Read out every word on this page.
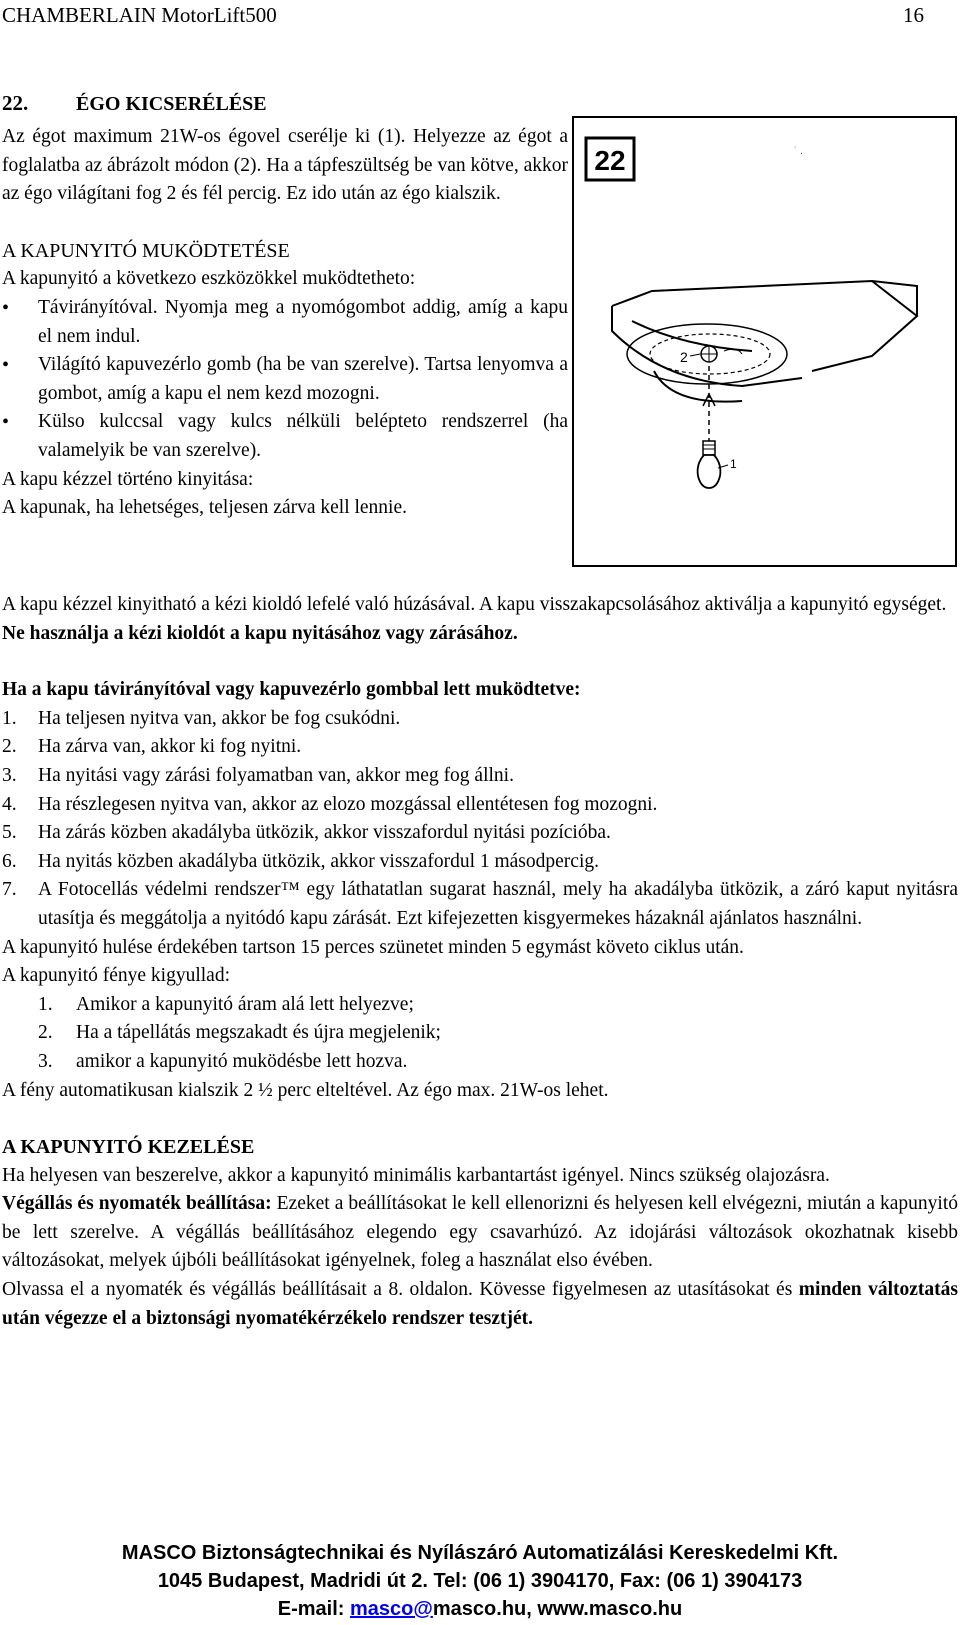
CHAMBERLAIN MotorLift500	16
22. ÉGO KICSERÉLÉSE
Az égot maximum 21W-os égovel cserélje ki (1). Helyezze az égot a foglalatba az ábrázolt módon (2). Ha a tápfeszültség be van kötve, akkor az égo világítani fog 2 és fél percig. Ez ido után az égo kialszik.
A KAPUNYITÓ MUKÖDTETÉSE
A kapunyitó a következo eszközökkel muködtetheto:
• Távirányítóval. Nyomja meg a nyomógombot addig, amíg a kapu el nem indul.
• Világító kapuvezérlo gomb (ha be van szerelve). Tartsa lenyomva a gombot, amíg a kapu el nem kezd mozogni.
• Külso kulccsal vagy kulcs nélküli belépteto rendszerrel (ha valamelyik be van szerelve).
A kapu kézzel történo kinyitása:
A kapunak, ha lehetséges, teljesen zárva kell lennie.
22	˙ .
2
1
A kapu kézzel kinyitható a kézi kioldó lefelé való húzásával. A kapu visszakapcsolásához aktiválja a kapunyitó egységet.
Ne használja a kézi kioldót a kapu nyitásához vagy zárásához.
Ha a kapu távirányítóval vagy kapuvezérlo gombbal lett muködtetve:
1. Ha teljesen nyitva van, akkor be fog csukódni.
2. Ha zárva van, akkor ki fog nyitni.
3. Ha nyitási vagy zárási folyamatban van, akkor meg fog állni.
4. Ha részlegesen nyitva van, akkor az elozo mozgással ellentétesen fog mozogni.
5. Ha zárás közben akadályba ütközik, akkor visszafordul nyitási pozícióba.
6. Ha nyitás közben akadályba ütközik, akkor visszafordul 1 másodpercig.
7. A Fotocellás védelmi rendszer™ egy láthatatlan sugarat használ, mely ha akadályba ütközik, a záró kaput nyitásra utasítja és meggátolja a nyitódó kapu zárását. Ezt kifejezetten kisgyermekes házaknál ajánlatos használni.
A kapunyitó hulése érdekében tartson 15 perces szünetet minden 5 egymást követo ciklus után.
A kapunyitó fénye kigyullad:
1. Amikor a kapunyitó áram alá lett helyezve;
2. Ha a tápellátás megszakadt és újra megjelenik;
3. amikor a kapunyitó muködésbe lett hozva.
A fény automatikusan kialszik 2 ½ perc elteltével. Az égo max. 21W-os lehet.
A KAPUNYITÓ KEZELÉSE
Ha helyesen van beszerelve, akkor a kapunyitó minimális karbantartást igényel. Nincs szükség olajozásra.
Végállás és nyomaték beállítása: Ezeket a beállításokat le kell ellenorizni és helyesen kell elvégezni, miután a kapunyitó be lett szerelve. A végállás beállításához elegendo egy csavarhúzó. Az idojárási változások okozhatnak kisebb változásokat, melyek újbóli beállításokat igényelnek, foleg a használat elso évében.
Olvassa el a nyomaték és végállás beállításait a 8. oldalon. Kövesse figyelmesen az utasításokat és minden változtatás után végezze el a biztonsági nyomatékérzékelo rendszer tesztjét.
MASCO Biztonságtechnikai és Nyílászáró Automatizálási Kereskedelmi Kft.
1045 Budapest, Madridi út 2. Tel: (06 1) 3904170, Fax: (06 1) 3904173
E-mail: masco@masco.hu, www.masco.hu
